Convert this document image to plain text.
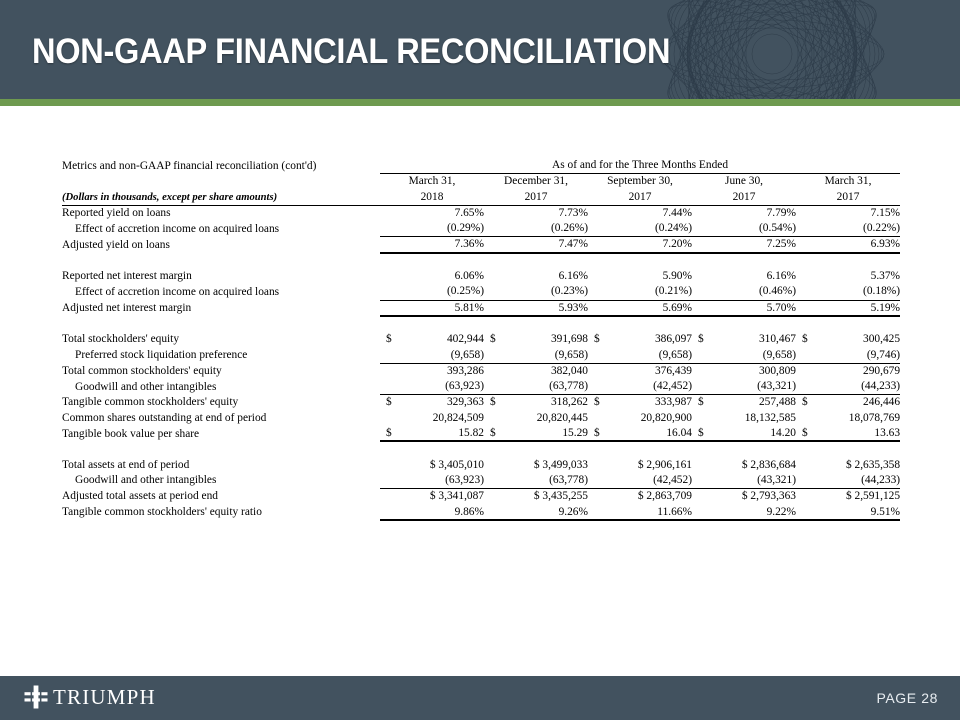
NON-GAAP FINANCIAL RECONCILIATION
Metrics and non-GAAP financial reconciliation (cont'd)	As of and for the Three Months Ended				
	March 31,	December 31,	September 30,	June 30,	March 31,
(Dollars in thousands, except per share amounts)	2018	2017	2017	2017	2017
Reported yield on loans	7.65%	7.73%	7.44%	7.79%	7.15%
Effect of accretion income on acquired loans	(0.29%)	(0.26%)	(0.24%)	(0.54%)	(0.22%)
Adjusted yield on loans	7.36%	7.47%	7.20%	7.25%	6.93%

Reported net interest margin	6.06%	6.16%	5.90%	6.16%	5.37%
Effect of accretion income on acquired loans	(0.25%)	(0.23%)	(0.21%)	(0.46%)	(0.18%)
Adjusted net interest margin	5.81%	5.93%	5.69%	5.70%	5.19%

Total stockholders' equity	$ 402,944	$ 391,698	$ 386,097	$ 310,467	$ 300,425
Preferred stock liquidation preference	(9,658)	(9,658)	(9,658)	(9,658)	(9,746)
Total common stockholders' equity	393,286	382,040	376,439	300,809	290,679
Goodwill and other intangibles	(63,923)	(63,778)	(42,452)	(43,321)	(44,233)
Tangible common stockholders' equity	$ 329,363	$ 318,262	$ 333,987	$ 257,488	$ 246,446
Common shares outstanding at end of period	20,824,509	20,820,445	20,820,900	18,132,585	18,078,769
Tangible book value per share	$ 15.82	$ 15.29	$ 16.04	$ 14.20	$ 13.63

Total assets at end of period	$ 3,405,010	$ 3,499,033	$ 2,906,161	$ 2,836,684	$ 2,635,358
Goodwill and other intangibles	(63,923)	(63,778)	(42,452)	(43,321)	(44,233)
Adjusted total assets at period end	$ 3,341,087	$ 3,435,255	$ 2,863,709	$ 2,793,363	$ 2,591,125
Tangible common stockholders' equity ratio	9.86%	9.26%	11.66%	9.22%	9.51%
TRIUMPH	PAGE 28
